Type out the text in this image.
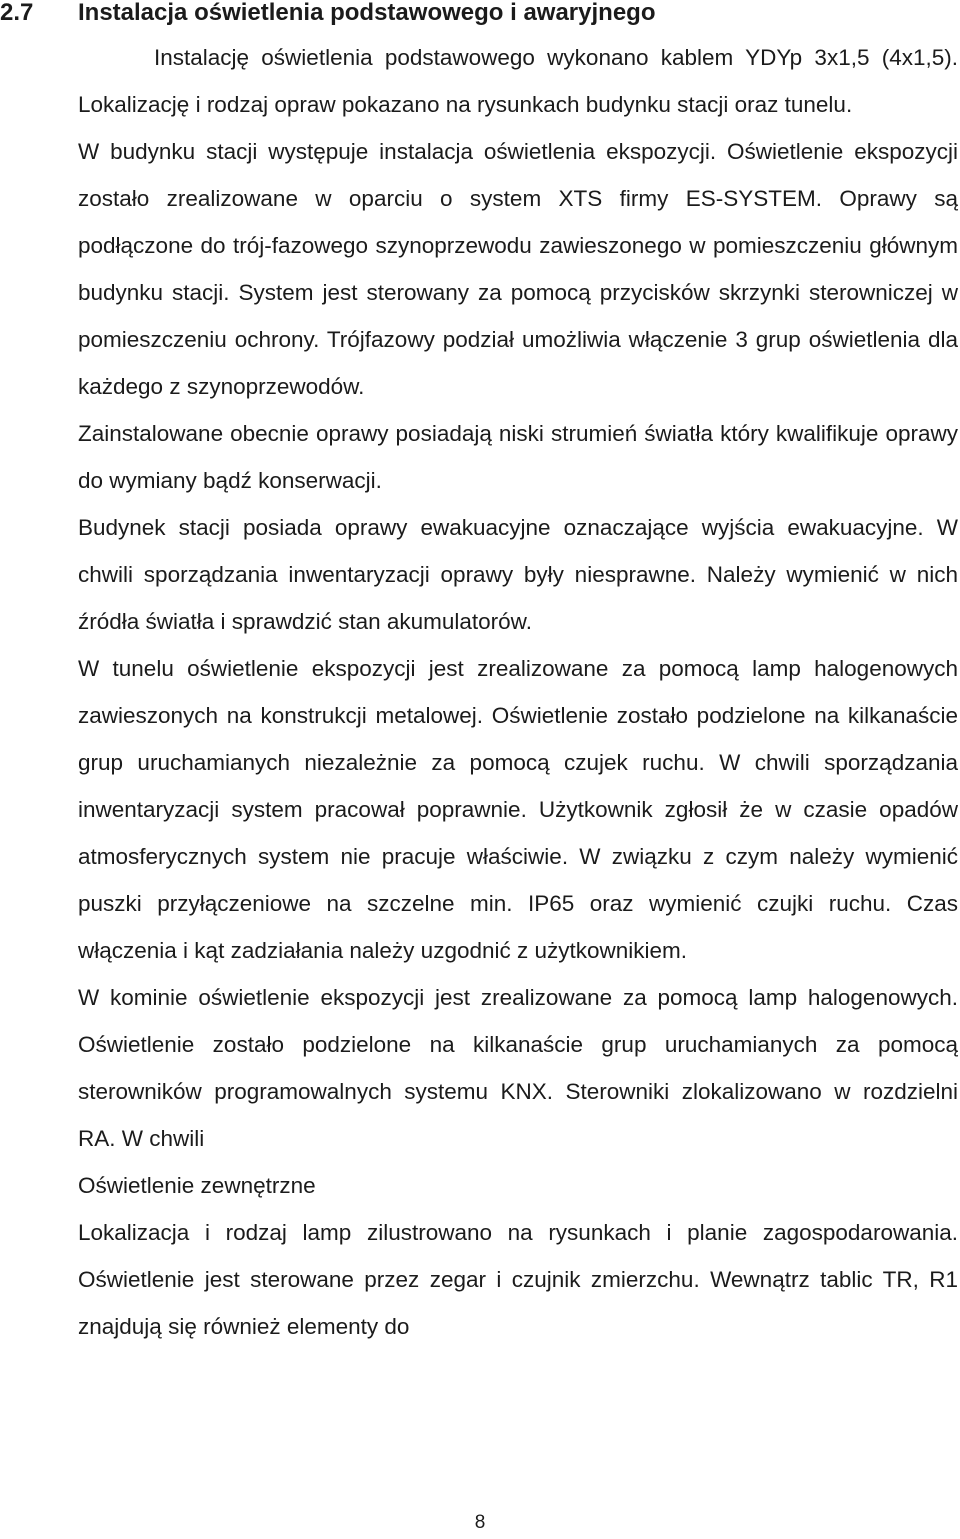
2.7 Instalacja oświetlenia podstawowego i awaryjnego

Instalację oświetlenia podstawowego wykonano kablem YDYp 3x1,5 (4x1,5). Lokalizację i rodzaj opraw pokazano na rysunkach budynku stacji oraz tunelu.

W budynku stacji występuje instalacja oświetlenia ekspozycji. Oświetlenie ekspozycji zostało zrealizowane w oparciu o system XTS firmy ES-SYSTEM. Oprawy są podłączone do trój-fazowego szynoprzewodu zawieszonego w pomieszczeniu głównym budynku stacji. System jest sterowany za pomocą przycisków skrzynki sterowniczej w pomieszczeniu ochrony. Trójfazowy podział umożliwia włączenie 3 grup oświetlenia dla każdego z szynoprzewodów.

Zainstalowane obecnie oprawy posiadają niski strumień światła który kwalifikuje oprawy do wymiany bądź konserwacji.

Budynek stacji posiada oprawy ewakuacyjne oznaczające wyjścia ewakuacyjne. W chwili sporządzania inwentaryzacji oprawy były niesprawne. Należy wymienić w nich źródła światła i sprawdzić stan akumulatorów.

W tunelu oświetlenie ekspozycji jest zrealizowane za pomocą lamp halogenowych zawieszonych na konstrukcji metalowej. Oświetlenie zostało podzielone na kilkanaście grup uruchamianych niezależnie za pomocą czujek ruchu. W chwili sporządzania inwentaryzacji system pracował poprawnie. Użytkownik zgłosił że w czasie opadów atmosferycznych system nie pracuje właściwie. W związku z czym należy wymienić puszki przyłączeniowe na szczelne min. IP65 oraz wymienić czujki ruchu. Czas włączenia i kąt zadziałania należy uzgodnić z użytkownikiem.

W kominie oświetlenie ekspozycji jest zrealizowane za pomocą lamp halogenowych. Oświetlenie zostało podzielone na kilkanaście grup uruchamianych za pomocą sterowników programowalnych systemu KNX. Sterowniki zlokalizowano w rozdzielni RA. W chwili

Oświetlenie zewnętrzne

Lokalizacja i rodzaj lamp zilustrowano na rysunkach i planie zagospodarowania. Oświetlenie jest sterowane przez zegar i czujnik zmierzchu. Wewnątrz tablic TR, R1 znajdują się również elementy do

8
